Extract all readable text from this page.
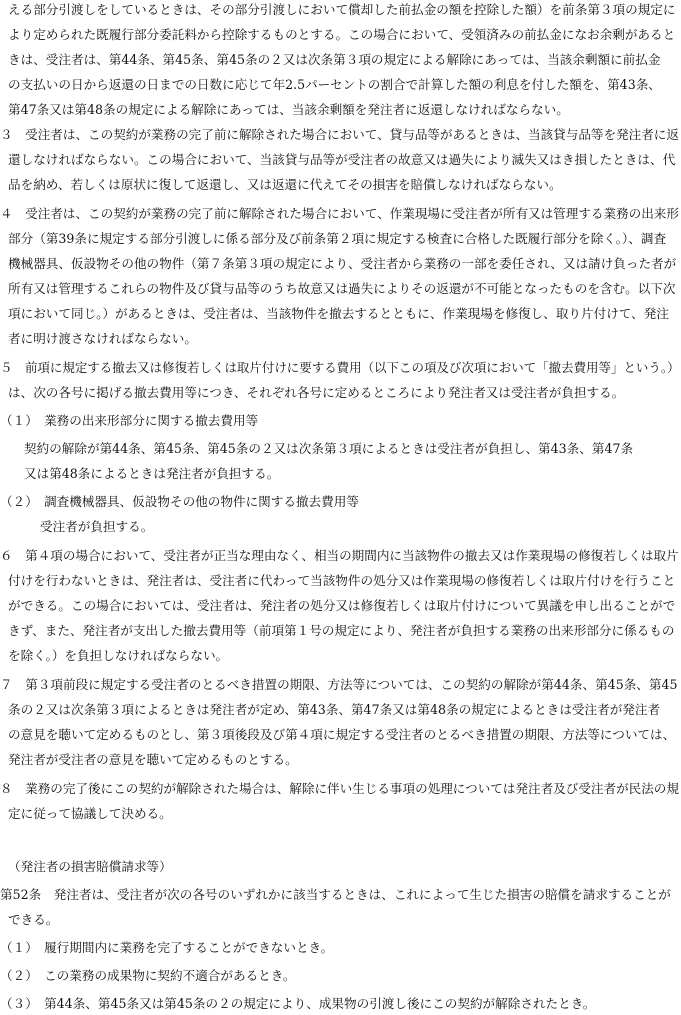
える部分引渡しをしているときは、その部分引渡しにおいて償却した前払金の額を控除した額）を前条第３項の規定に
より定められた既履行部分委託料から控除するものとする。この場合において、受領済みの前払金になお余剰があると
きは、受注者は、第44条、第45条、第45条の２又は次条第３項の規定による解除にあっては、当該余剰額に前払金
の支払いの日から返還の日までの日数に応じて年2.5パーセントの割合で計算した額の利息を付した額を、第43条、
第47条又は第48条の規定による解除にあっては、当該余剰額を発注者に返還しなければならない。
３　受注者は、この契約が業務の完了前に解除された場合において、貸与品等があるときは、当該貸与品等を発注者に返
還しなければならない。この場合において、当該貸与品等が受注者の故意又は過失により滅失又はき損したときは、代
品を納め、若しくは原状に復して返還し、又は返還に代えてその損害を賠償しなければならない。
４　受注者は、この契約が業務の完了前に解除された場合において、作業現場に受注者が所有又は管理する業務の出来形
部分（第39条に規定する部分引渡しに係る部分及び前条第２項に規定する検査に合格した既履行部分を除く。）、調査
機械器具、仮設物その他の物件（第７条第３項の規定により、受注者から業務の一部を委任され、又は請け負った者が
所有又は管理するこれらの物件及び貸与品等のうち故意又は過失によりその返還が不可能となったものを含む。以下次
項において同じ。）があるときは、受注者は、当該物件を撤去するとともに、作業現場を修復し、取り片付けて、発注
者に明け渡さなければならない。
５　前項に規定する撤去又は修復若しくは取片付けに要する費用（以下この項及び次項において「撤去費用等」という。）
は、次の各号に掲げる撤去費用等につき、それぞれ各号に定めるところにより発注者又は受注者が負担する。
（１）　業務の出来形部分に関する撤去費用等
契約の解除が第44条、第45条、第45条の２又は次条第３項によるときは受注者が負担し、第43条、第47条
又は第48条によるときは発注者が負担する。
（２）　調査機械器具、仮設物その他の物件に関する撤去費用等
受注者が負担する。
６　第４項の場合において、受注者が正当な理由なく、相当の期間内に当該物件の撤去又は作業現場の修復若しくは取片
付けを行わないときは、発注者は、受注者に代わって当該物件の処分又は作業現場の修復若しくは取片付けを行うこと
ができる。この場合においては、受注者は、発注者の処分又は修復若しくは取片付けについて異議を申し出ることがで
きず、また、発注者が支出した撤去費用等（前項第１号の規定により、発注者が負担する業務の出来形部分に係るもの
を除く。）を負担しなければならない。
７　第３項前段に規定する受注者のとるべき措置の期限、方法等については、この契約の解除が第44条、第45条、第45
条の２又は次条第３項によるときは発注者が定め、第43条、第47条又は第48条の規定によるときは受注者が発注者
の意見を聴いて定めるものとし、第３項後段及び第４項に規定する受注者のとるべき措置の期限、方法等については、
発注者が受注者の意見を聴いて定めるものとする。
８　業務の完了後にこの契約が解除された場合は、解除に伴い生じる事項の処理については発注者及び受注者が民法の規
定に従って協議して決める。
（発注者の損害賠償請求等）
第52条　発注者は、受注者が次の各号のいずれかに該当するときは、これによって生じた損害の賠償を請求することが
できる。
（１）　履行期間内に業務を完了することができないとき。
（２）　この業務の成果物に契約不適合があるとき。
（３）　第44条、第45条又は第45条の２の規定により、成果物の引渡し後にこの契約が解除されたとき。
